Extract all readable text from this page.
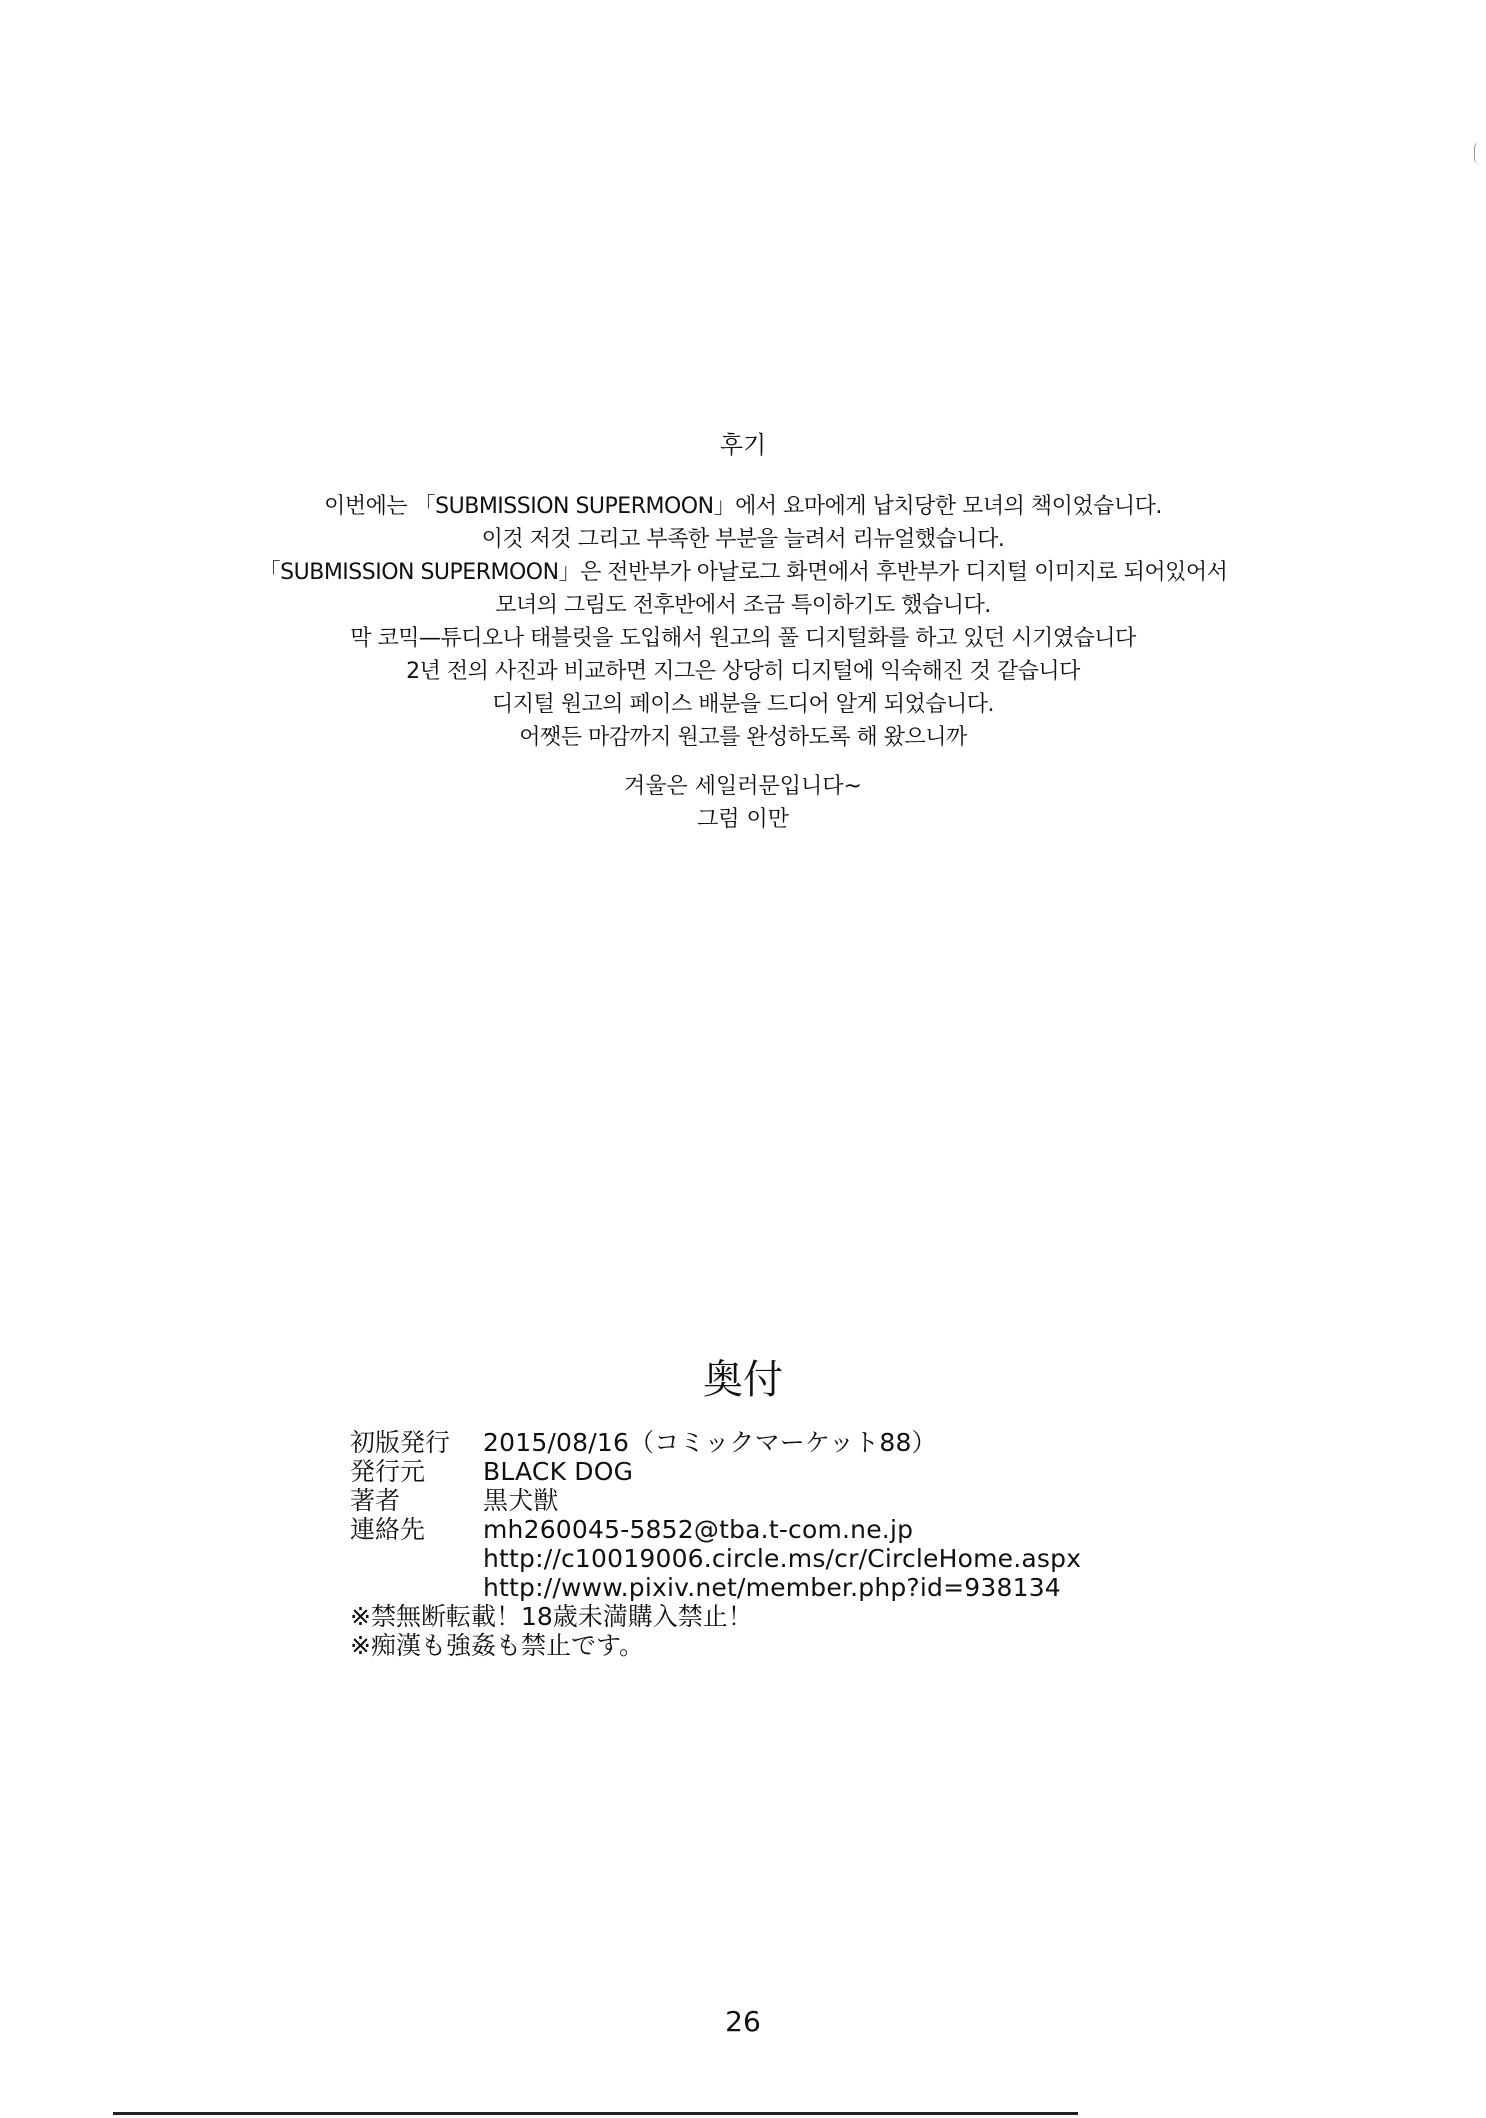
후기
이번에는 「SUBMISSION SUPERMOON」에서 요마에게 납치당한 모녀의 책이었습니다.
이것 저것 그리고 부족한 부분을 늘려서 리뉴얼했습니다.
「SUBMISSION SUPERMOON」은 전반부가 아날로그 화면에서 후반부가 디지털 이미지로 되어있어서
모녀의 그림도 전후반에서 조금 특이하기도 했습니다.
막 코믹—튜디오나 태블릿을 도입해서 원고의 풀 디지털화를 하고 있던 시기였습니다
2년 전의 사진과 비교하면 지그은 상당히 디지털에 익숙해진 것 같습니다
디지털 원고의 페이스 배분을 드디어 알게 되었습니다.
어쨋든 마감까지 원고를 완성하도록 해 왔으니까
겨울은 세일러문입니다~
그럼 이만
奥付
初版発行	2015/08/16（コミックマーケット88）
発行元	BLACK DOG
著者	黒犬獣
連絡先	mh260045-5852@tba.t-com.ne.jp
http://c10019006.circle.ms/cr/CircleHome.aspx
http://www.pixiv.net/member.php?id=938134
※禁無断転載！18歳未満購入禁止！
※痴漢も強姦も禁止です。
26
